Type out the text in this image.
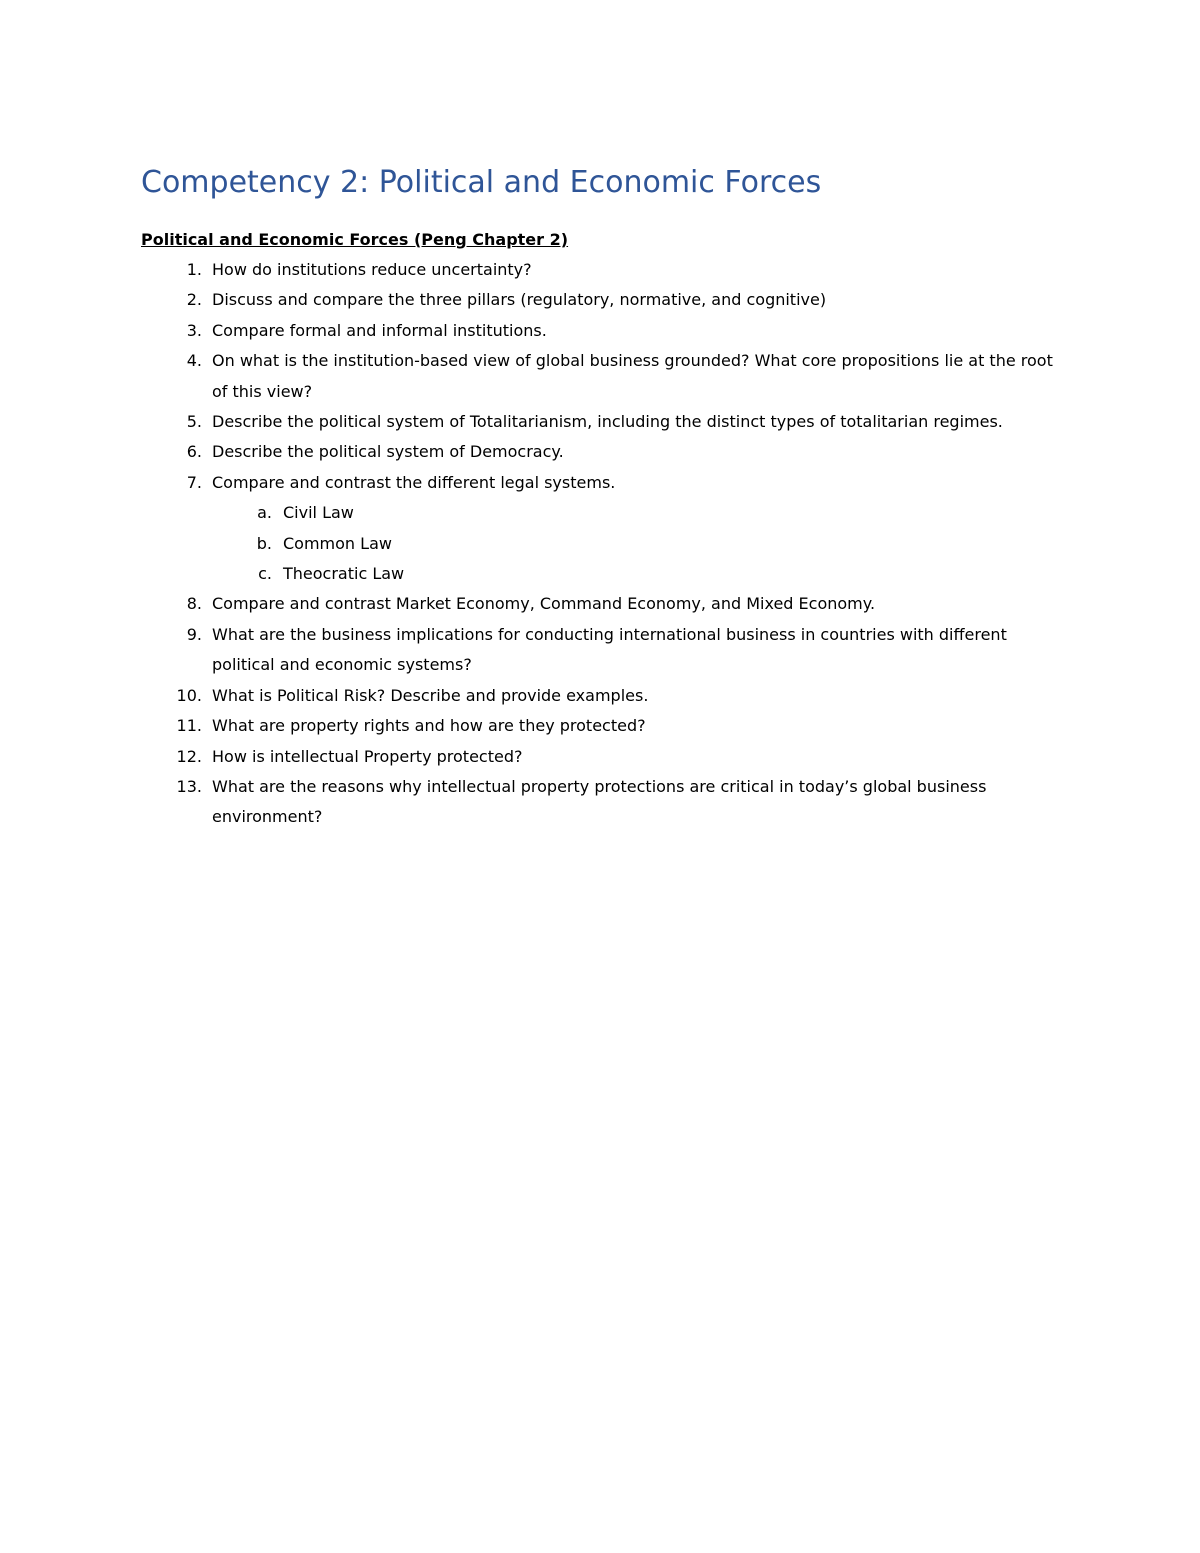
Competency 2: Political and Economic Forces
Political and Economic Forces (Peng Chapter 2)
1. How do institutions reduce uncertainty?
2. Discuss and compare the three pillars (regulatory, normative, and cognitive)
3. Compare formal and informal institutions.
4. On what is the institution-based view of global business grounded? What core propositions lie at the root of this view?
5. Describe the political system of Totalitarianism, including the distinct types of totalitarian regimes.
6. Describe the political system of Democracy.
7. Compare and contrast the different legal systems.
a. Civil Law
b. Common Law
c. Theocratic Law
8. Compare and contrast Market Economy, Command Economy, and Mixed Economy.
9. What are the business implications for conducting international business in countries with different political and economic systems?
10. What is Political Risk? Describe and provide examples.
11. What are property rights and how are they protected?
12. How is intellectual Property protected?
13. What are the reasons why intellectual property protections are critical in today’s global business environment?
